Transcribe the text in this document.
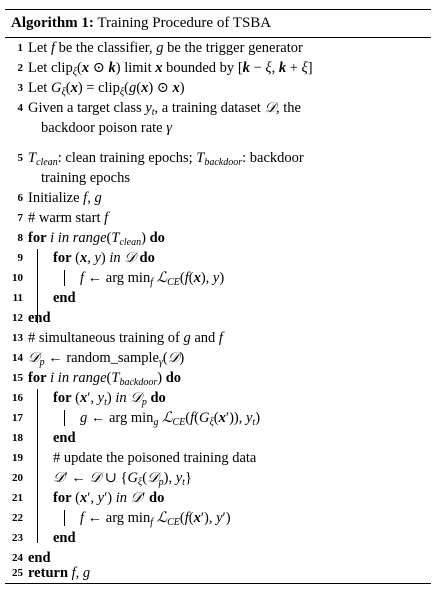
Algorithm 1: Training Procedure of TSBA
1 Let f be the classifier, g be the trigger generator
2 Let clip$_\xi$(x ⊙ k) limit x bounded by [k − ξ, k + ξ]
3 Let $G_\xi(x)$ = clip$_\xi$(g(x) ⊙ x)
4 Given a target class $y_t$, a training dataset 𝒟, the
backdoor poison rate γ
5 $T_{clean}$: clean training epochs; $T_{backdoor}$: backdoor
training epochs
6 Initialize f, g
7 # warm start f
8 for i in $range(T_{clean})$ do
9 for (x, y) in 𝒟 do
10	f ← arg $\min_f$ ℒ$_{CE}$(f(x), y)
11 end
12 end
13 # simultaneous training of g and f
14 𝒟$_p$ ← random_sample$_\gamma$(𝒟)
15 for i in $range(T_{backdoor})$ do
16 for (x′, $y_t$) in 𝒟$_p$ do
17	g ← arg $\min_g$ $ℒ_{CE}(f(G_\xi(x'))$, $y_t$)
18 end
19 # update the poisoned training data
20 𝒟′ ← 𝒟 ∪ {$G_\xi(𝒟_p)$, $y_t$}
21 for (x′, y′) in 𝒟′ do
22	f ← arg $\min_f$ ℒ$_{CE}$(f(x′), y′)
23 end
24 end
25 return f, g
